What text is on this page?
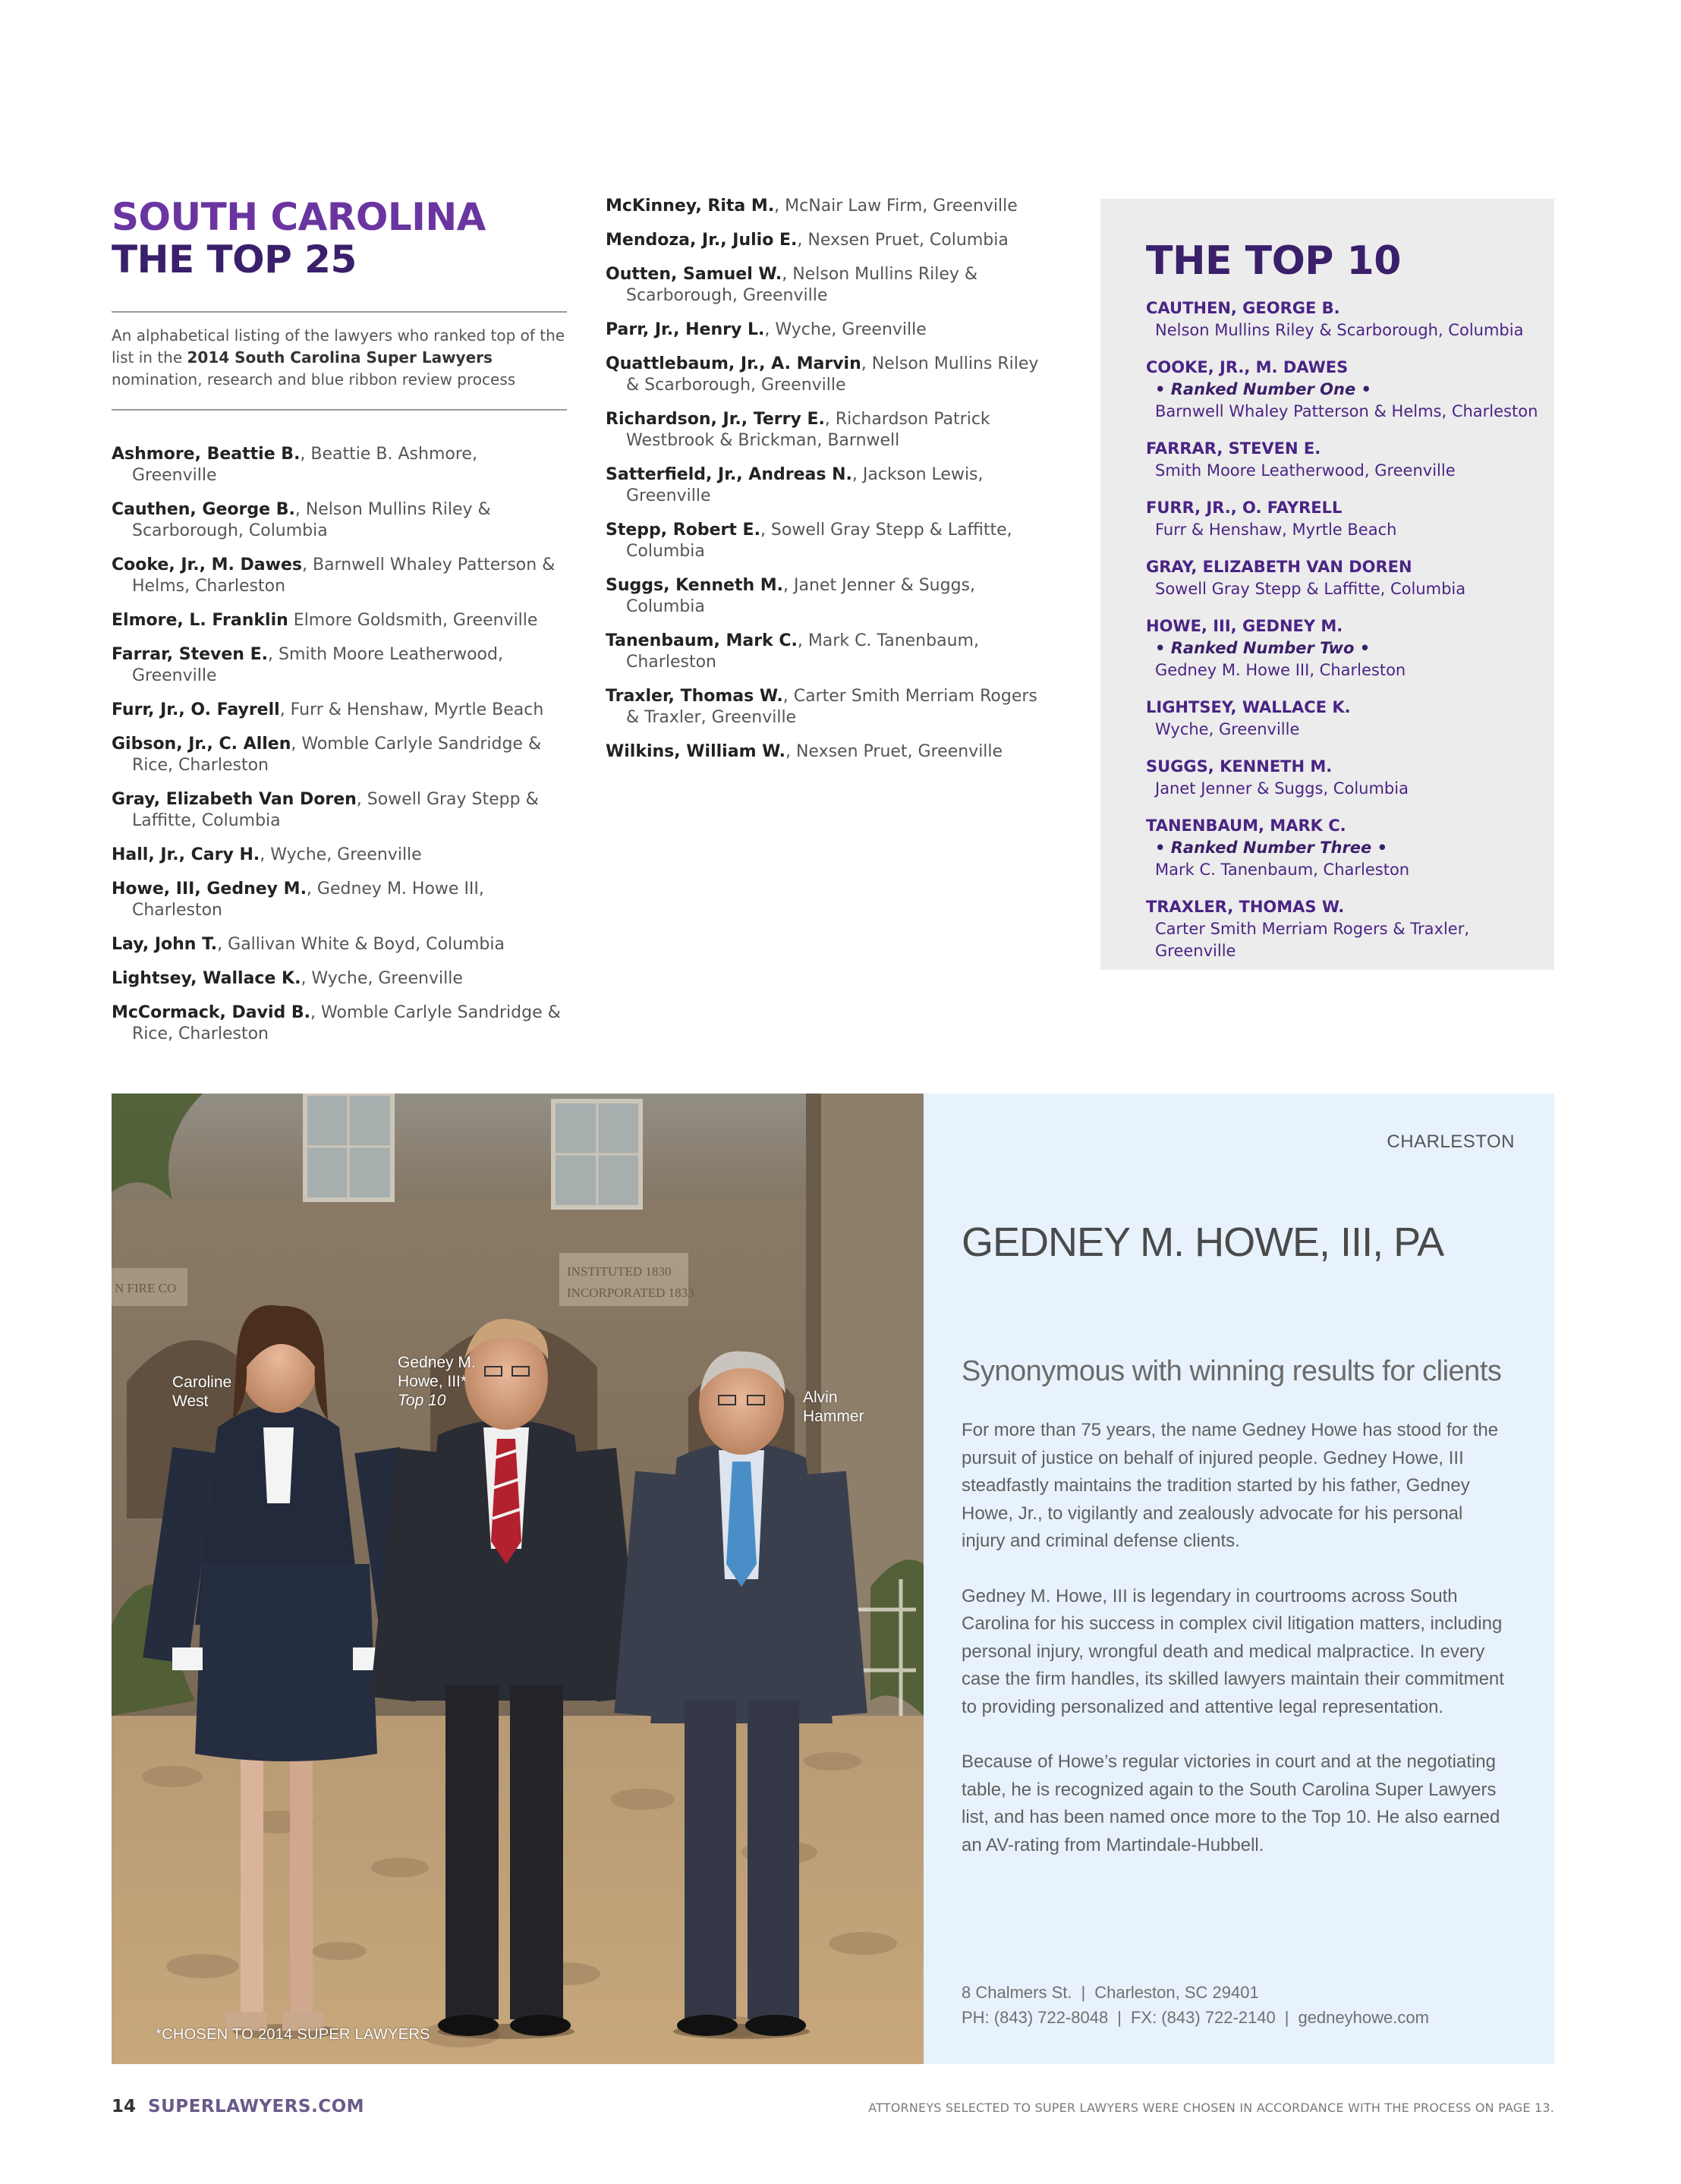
SOUTH CAROLINA
THE TOP 25

An alphabetical listing of the lawyers who ranked top of the list in the 2014 South Carolina Super Lawyers nomination, research and blue ribbon review process

Ashmore, Beattie B., Beattie B. Ashmore, Greenville
Cauthen, George B., Nelson Mullins Riley & Scarborough, Columbia
Cooke, Jr., M. Dawes, Barnwell Whaley Patterson & Helms, Charleston
Elmore, L. Franklin Elmore Goldsmith, Greenville
Farrar, Steven E., Smith Moore Leatherwood, Greenville
Furr, Jr., O. Fayrell, Furr & Henshaw, Myrtle Beach
Gibson, Jr., C. Allen, Womble Carlyle Sandridge & Rice, Charleston
Gray, Elizabeth Van Doren, Sowell Gray Stepp & Laffitte, Columbia
Hall, Jr., Cary H., Wyche, Greenville
Howe, III, Gedney M., Gedney M. Howe III, Charleston
Lay, John T., Gallivan White & Boyd, Columbia
Lightsey, Wallace K., Wyche, Greenville
McCormack, David B., Womble Carlyle Sandridge & Rice, Charleston
McKinney, Rita M., McNair Law Firm, Greenville
Mendoza, Jr., Julio E., Nexsen Pruet, Columbia
Outten, Samuel W., Nelson Mullins Riley & Scarborough, Greenville
Parr, Jr., Henry L., Wyche, Greenville
Quattlebaum, Jr., A. Marvin, Nelson Mullins Riley & Scarborough, Greenville
Richardson, Jr., Terry E., Richardson Patrick Westbrook & Brickman, Barnwell
Satterfield, Jr., Andreas N., Jackson Lewis, Greenville
Stepp, Robert E., Sowell Gray Stepp & Laffitte, Columbia
Suggs, Kenneth M., Janet Jenner & Suggs, Columbia
Tanenbaum, Mark C., Mark C. Tanenbaum, Charleston
Traxler, Thomas W., Carter Smith Merriam Rogers & Traxler, Greenville
Wilkins, William W., Nexsen Pruet, Greenville
THE TOP 10
CAUTHEN, GEORGE B.
Nelson Mullins Riley & Scarborough, Columbia
COOKE, JR., M. DAWES
• Ranked Number One •
Barnwell Whaley Patterson & Helms, Charleston
FARRAR, STEVEN E.
Smith Moore Leatherwood, Greenville
FURR, JR., O. FAYRELL
Furr & Henshaw, Myrtle Beach
GRAY, ELIZABETH VAN DOREN
Sowell Gray Stepp & Laffitte, Columbia
HOWE, III, GEDNEY M.
• Ranked Number Two •
Gedney M. Howe III, Charleston
LIGHTSEY, WALLACE K.
Wyche, Greenville
SUGGS, KENNETH M.
Janet Jenner & Suggs, Columbia
TANENBAUM, MARK C.
• Ranked Number Three •
Mark C. Tanenbaum, Charleston
TRAXLER, THOMAS W.
Carter Smith Merriam Rogers & Traxler, Greenville
INSTITUTED 1830
INCORPORATED 1833
N FIRE CO
Caroline
West
Gedney M.
Howe, III*
Top 10	Alvin
Hammer
*CHOSEN TO 2014 SUPER LAWYERS
CHARLESTON
GEDNEY M. HOWE, III, PA
Synonymous with winning results for clients

For more than 75 years, the name Gedney Howe has stood for the pursuit of justice on behalf of injured people. Gedney Howe, III steadfastly maintains the tradition started by his father, Gedney Howe, Jr., to vigilantly and zealously advocate for his personal injury and criminal defense clients.

Gedney M. Howe, III is legendary in courtrooms across South Carolina for his success in complex civil litigation matters, including personal injury, wrongful death and medical malpractice. In every case the firm handles, its skilled lawyers maintain their commitment to providing personalized and attentive legal representation.

Because of Howe’s regular victories in court and at the negotiating table, he is recognized again to the South Carolina Super Lawyers list, and has been named once more to the Top 10. He also earned an AV-rating from Martindale-Hubbell.

8 Chalmers St. | Charleston, SC 29401
PH: (843) 722-8048 | FX: (843) 722-2140 | gedneyhowe.com
14 SUPERLAWYERS.COM	ATTORNEYS SELECTED TO SUPER LAWYERS WERE CHOSEN IN ACCORDANCE WITH THE PROCESS ON PAGE 13.
